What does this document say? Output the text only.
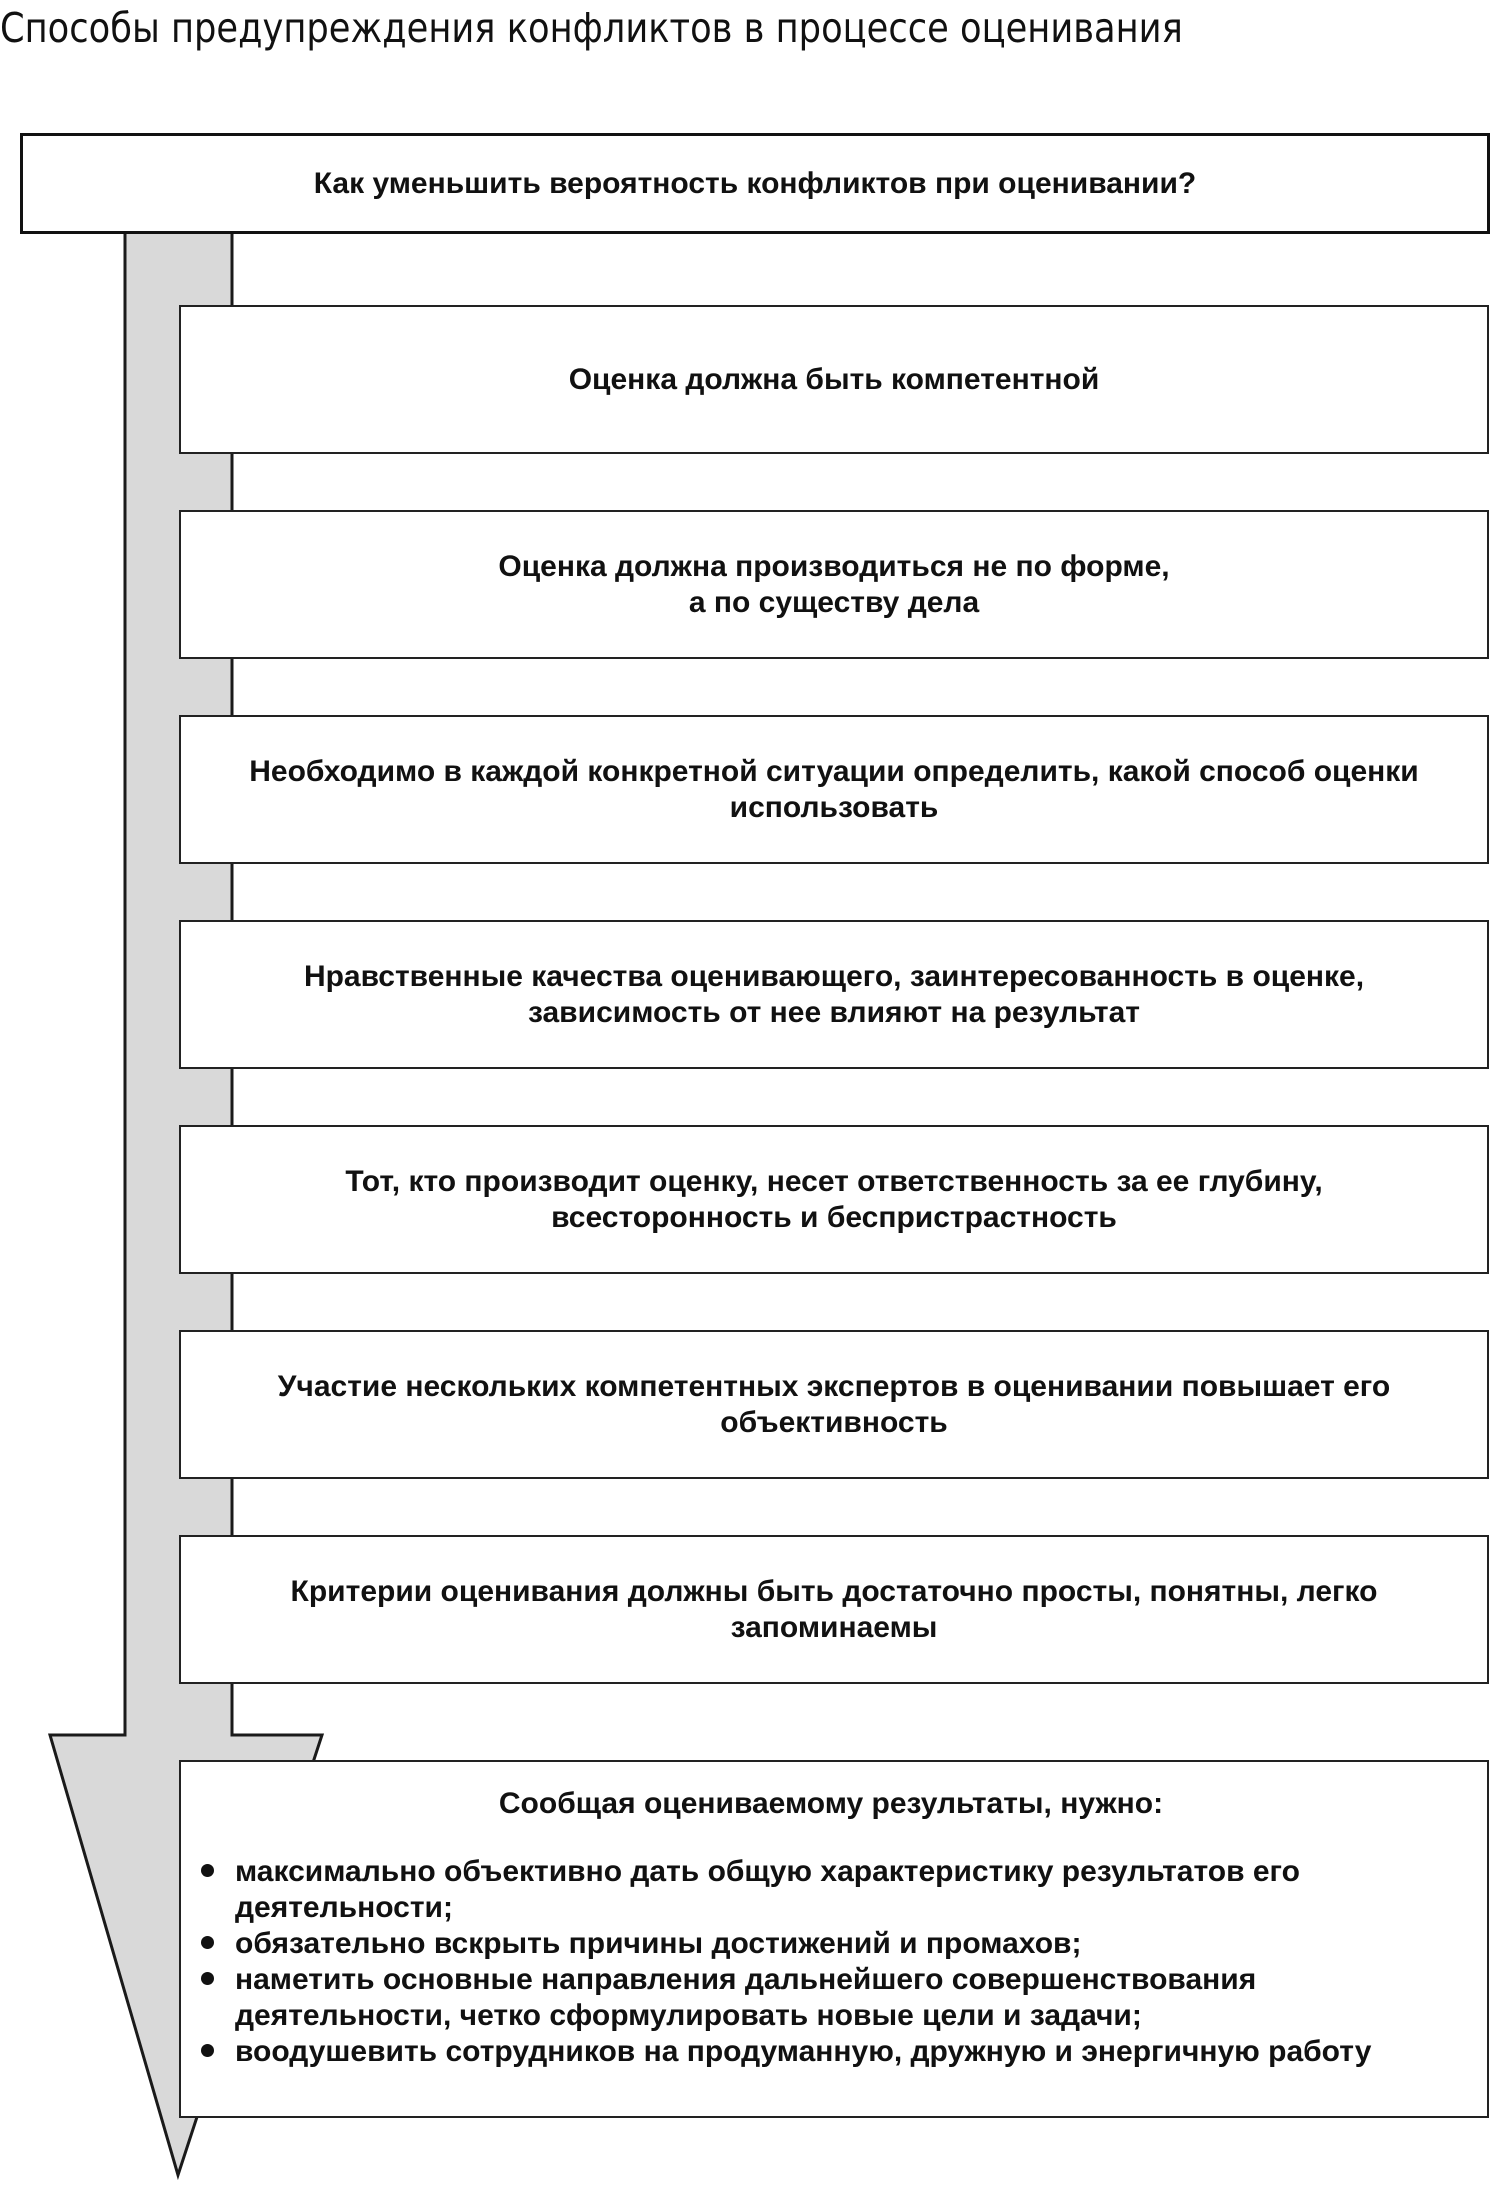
Способы предупреждения конфликтов в процессе оценивания
Как уменьшить вероятность конфликтов при оценивании?
Оценка должна быть компетентной
Оценка должна производиться не по форме,
а по существу дела
Необходимо в каждой конкретной ситуации определить, какой способ оценки
использовать
Нравственные качества оценивающего, заинтересованность в оценке,
зависимость от нее влияют на результат
Тот, кто производит оценку, несет ответственность за ее глубину,
всесторонность и беспристрастность
Участие нескольких компетентных экспертов в оценивании повышает его
объективность
Критерии оценивания должны быть достаточно просты, понятны, легко
запоминаемы
Сообщая оцениваемому результаты, нужно:
максимально объективно дать общую характеристику результатов его деятельности;
обязательно вскрыть причины достижений и промахов;
наметить основные направления дальнейшего совершенствования деятельности, четко сформулировать новые цели и задачи;
воодушевить сотрудников на продуманную, дружную и энергичную работу
